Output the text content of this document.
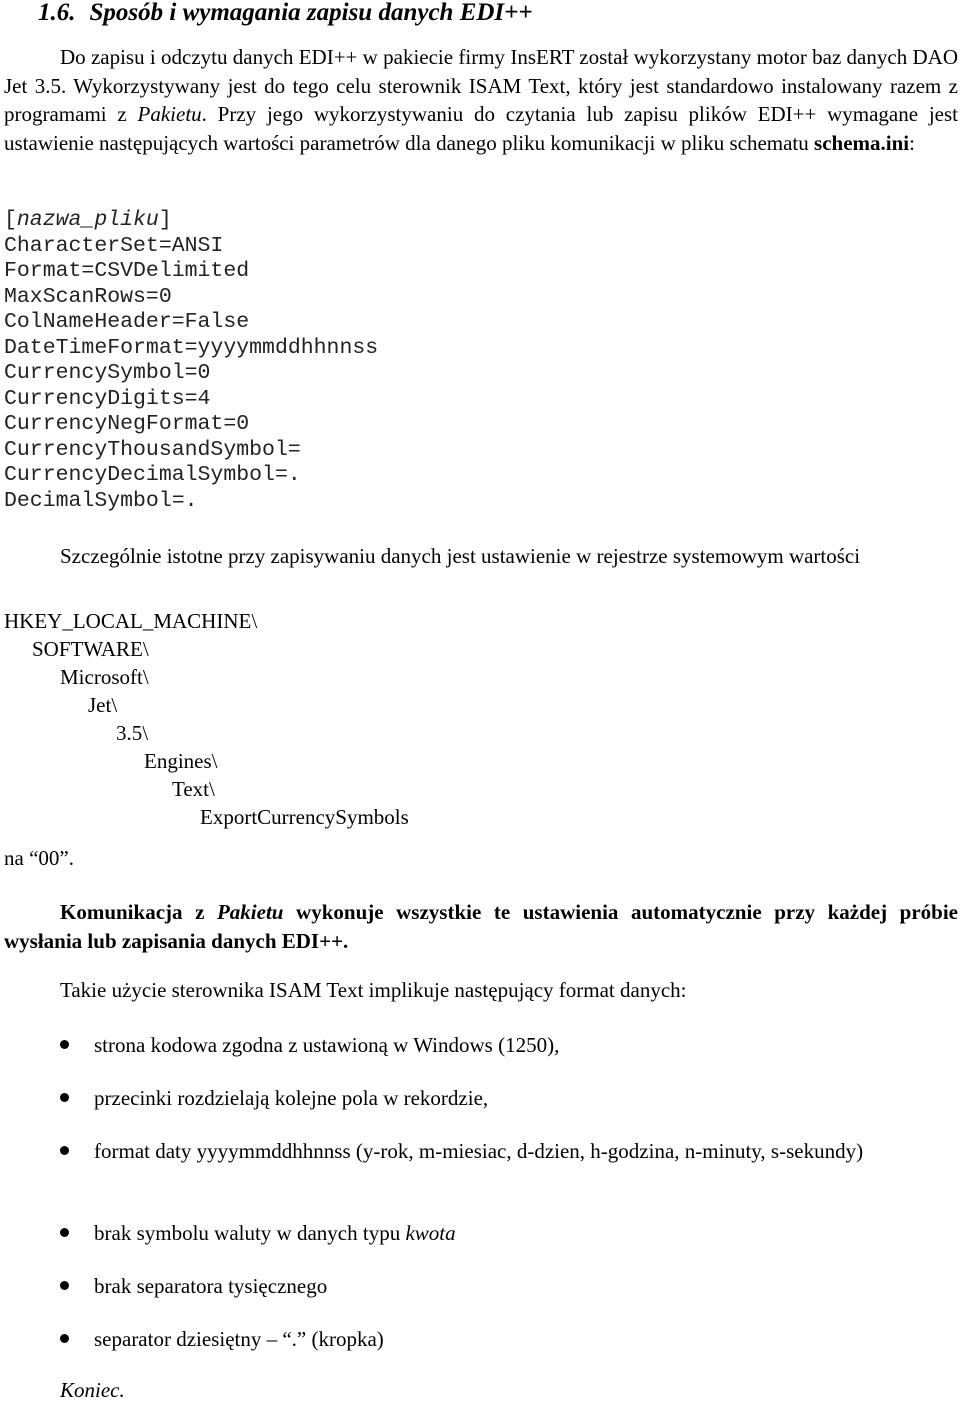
1.6. Sposób i wymagania zapisu danych EDI++
Do zapisu i odczytu danych EDI++ w pakiecie firmy InsERT został wykorzystany motor baz danych DAO Jet 3.5. Wykorzystywany jest do tego celu sterownik ISAM Text, który jest standardowo instalowany razem z programami z Pakietu. Przy jego wykorzystywaniu do czytania lub zapisu plików EDI++ wymagane jest ustawienie następujących wartości parametrów dla danego pliku komunikacji w pliku schematu schema.ini:
[nazwa_pliku]
CharacterSet=ANSI
Format=CSVDelimited
MaxScanRows=0
ColNameHeader=False
DateTimeFormat=yyyymmddhhnnss
CurrencySymbol=0
CurrencyDigits=4
CurrencyNegFormat=0
CurrencyThousandSymbol=
CurrencyDecimalSymbol=.
DecimalSymbol=.
Szczególnie istotne przy zapisywaniu danych jest ustawienie w rejestrze systemowym wartości
HKEY_LOCAL_MACHINE\
SOFTWARE\
Microsoft\
Jet\
3.5\
Engines\
Text\
ExportCurrencySymbols
na “00”.
Komunikacja z Pakietu wykonuje wszystkie te ustawienia automatycznie przy każdej próbie wysłania lub zapisania danych EDI++.
Takie użycie sterownika ISAM Text implikuje następujący format danych:
strona kodowa zgodna z ustawioną w Windows (1250),
przecinki rozdzielają kolejne pola w rekordzie,
format daty yyyymmddhhnnss (y-rok, m-miesiac, d-dzien, h-godzina, n-minuty, s-sekundy)
brak symbolu waluty w danych typu kwota
brak separatora tysięcznego
separator dziesiętny – “.” (kropka)
Koniec.
